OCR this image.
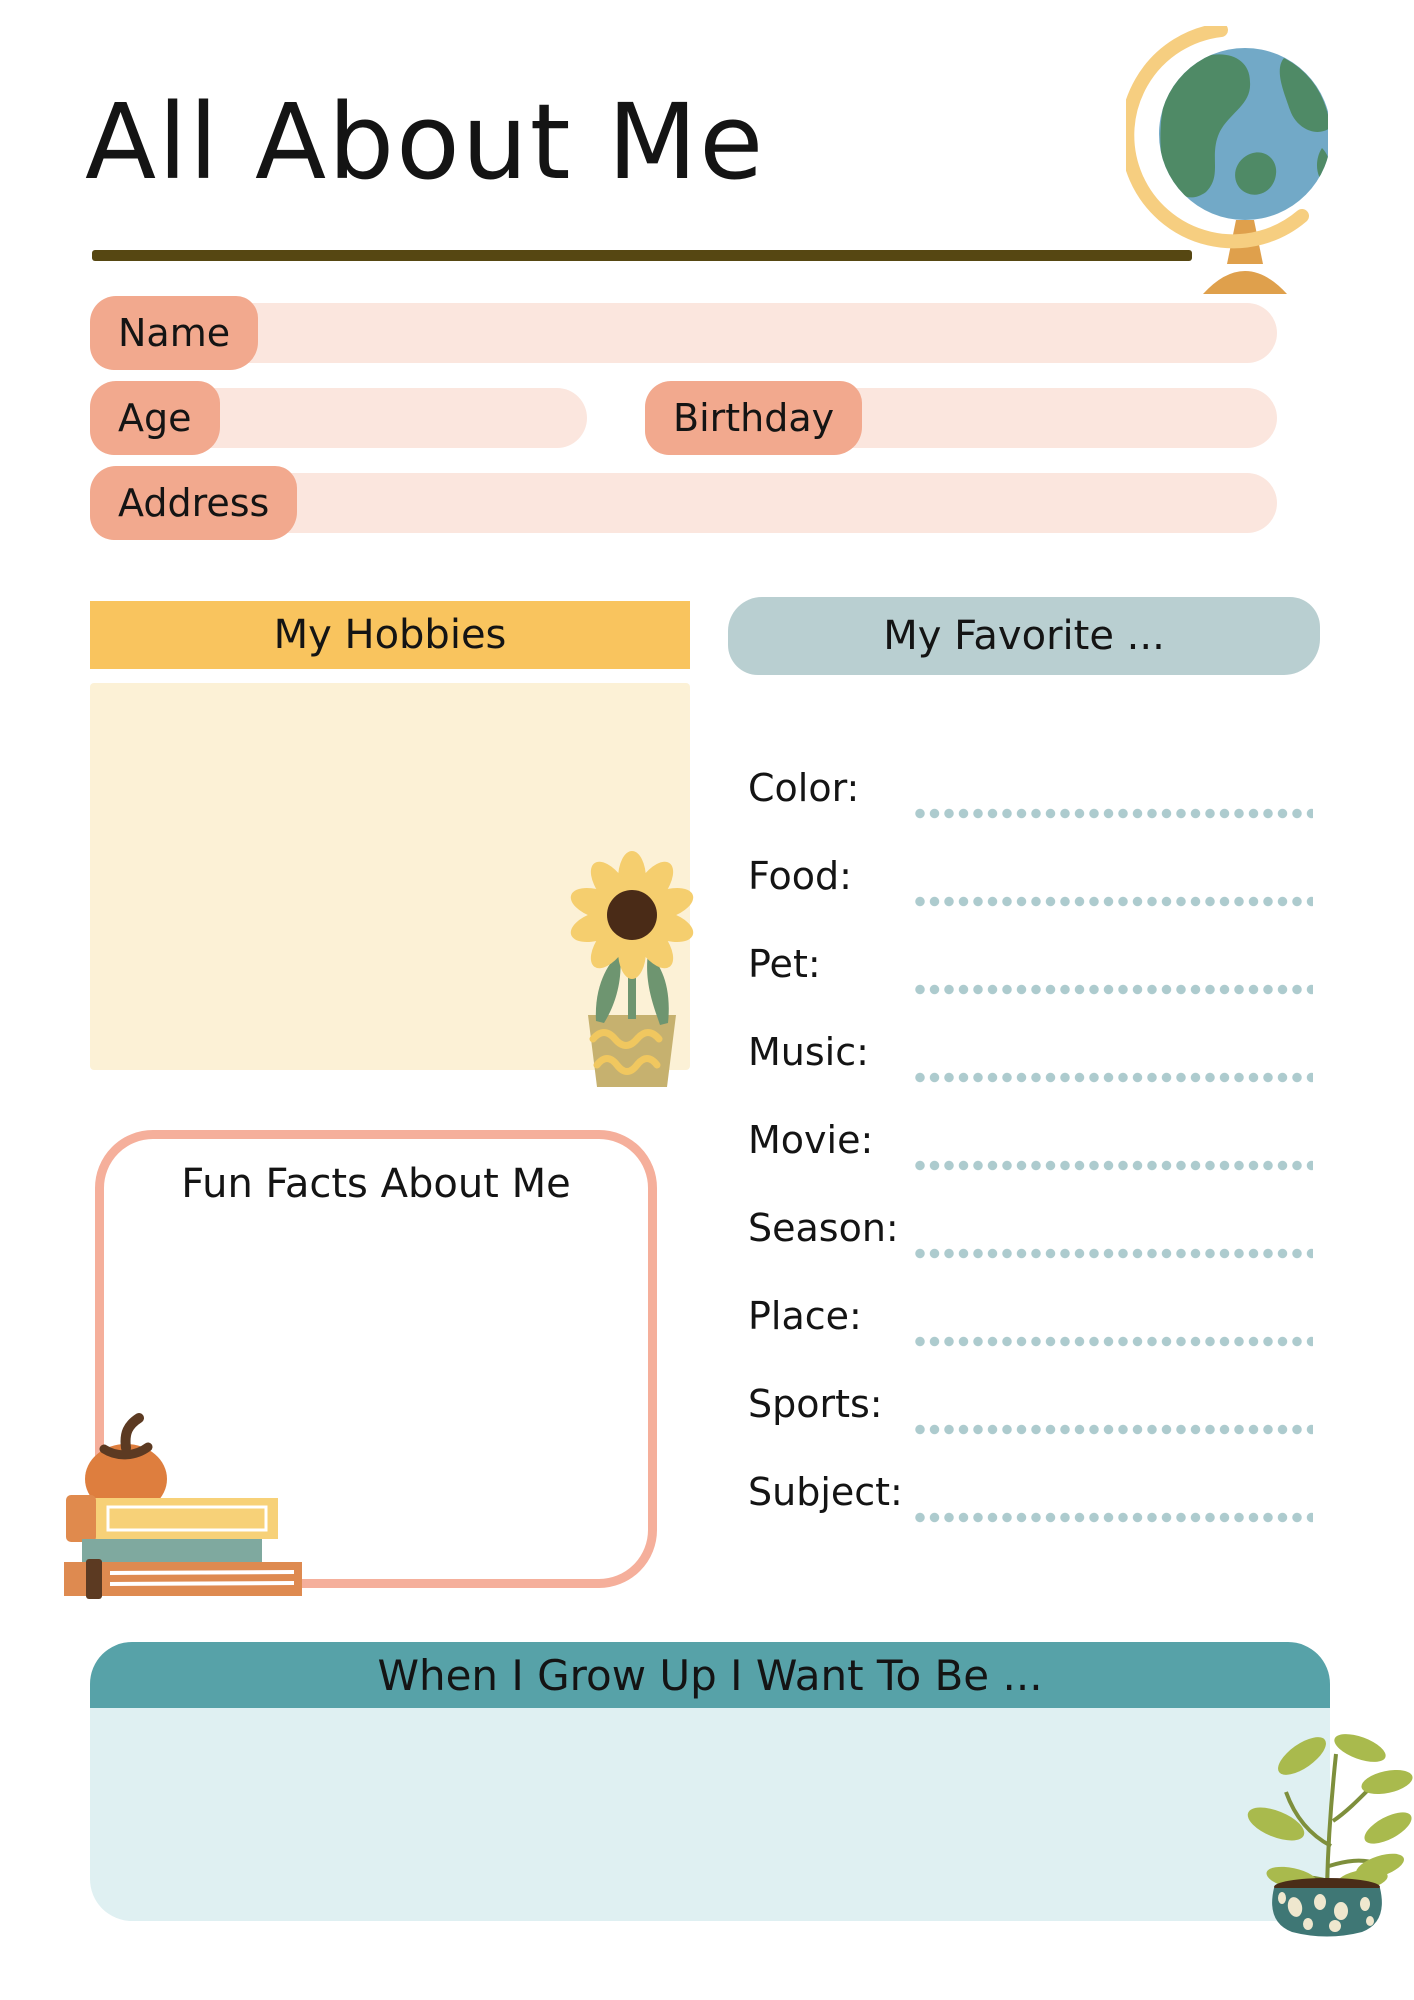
All About Me
Name
Age	Birthday
Address
My Hobbies	My Favorite ...
Color:
Food:
Pet:
Music:
Movie:
Season:
Place:
Sports:
Subject:
Fun Facts About Me
When I Grow Up I Want To Be ...
